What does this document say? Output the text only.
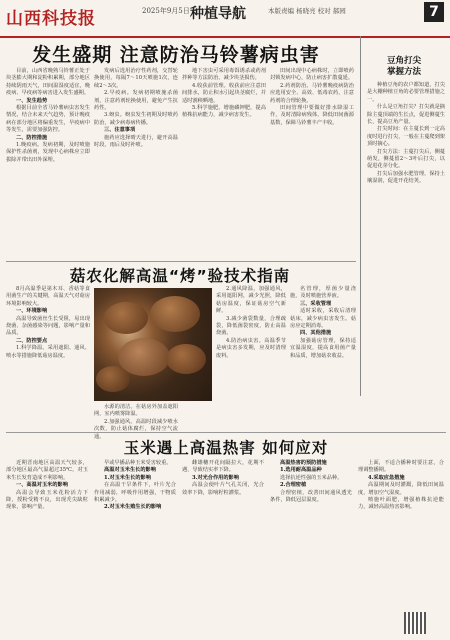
山西科技报	2025年9月5日 种植导航	本版责编 杨晓亮 校对 郝园	7
发生盛期 注意防治马铃薯病虫害

目前，山西省晚熟马铃薯正处于块茎膨大期和淀粉积累期，部分地区持续阴雨天气，田间温湿度适宜，晚疫病、早疫病等病害进入发生盛期。

一、发生趋势

根据目前全省马铃薯病虫害发生情况，结合未来天气趋势，预计晚疫病在部分地区将偏重发生，早疫病中等发生，需要加强防控。

二、防控措施

1.晚疫病。发病初期，及时喷施保护性杀菌剂，发现中心病株应立即拔除并带出田外深埋。

发病后选用治疗性药剂，交替轮换使用，每隔7～10天喷施1次，连续2～3次。

2.早疫病。发病初期喷施杀菌剂，注意药剂轮换使用，避免产生抗药性。

3.蚜虫。蚜虫发生初期及时喷药防治，减少病毒病传播。

三、注意事项

施药应选择晴天进行，避开高温时段，雨后及时补喷。

地下害虫可采用毒饵诱杀或药剂拌种等方法防治，减少块茎损伤。

4.收获前管理。收获前应注意田间排水，防止积水引起块茎腐烂，并适时割秧晒地。

5.科学施肥。增施磷钾肥，提高植株抗病能力，减少病害发生。

田间出现中心病株时，立即喷药封锁发病中心，防止病害扩散蔓延。

2.药剂防治。马铃薯晚疫病防治应选用安全、高效、低毒农药，注意药剂的合理轮换。

田间管理中要做好排水降湿工作，及时清除病残体，降低田间菌源基数，保障马铃薯丰产丰收。

豆角打尖
掌握方法

种植豆角的农户都知道，打尖是大棚种植豆角的必要管理措施之一。

什么是豆角打尖？打尖就是摘除主蔓顶端的生长点，促进侧蔓生长，提高豆角产量。

打尖时间：在主蔓长到一定高度时进行打尖，一般在主蔓爬到架顶时摘心。

打尖方法：主蔓打尖后，侧蔓萌发，侧蔓留2～3叶后打尖，以促进花芽分化。

打尖后加强水肥管理，保持土壤湿润，促进开花结荚。

菇农化解高温“烤”验技术指南

8月高温季是第木耳、香菇等食用菌生产的关键期，高温天气对菇房环境影响较大。

一、环境影响

高温导致菌丝生长受阻，易出现烧菌、杂菌感染等问题，影响产量和品质。

二、防控要点

1.科学降温。采用遮阳、通风、喷水等措施降低菇房温度。

水源的清洁。在菇房外加盖遮阳网，室内喷雾降温。

2.加强通风。高温时段减少喷水次数，防止菇体腐烂，保持空气流通。

2.通风降温，加强通风，采用遮阳网，减少光照，降低菇房温度，保证菇房空气新鲜。

3.减少菌袋数量，合理疏袋，降低菌袋密度，防止高温烧菌。

4.防治病虫害。高温季节是病虫害多发期，应及时清理废料。

名管理，厚菌少量浇施，及时喷施营养液。

三、采收管理

适时采收，采收后清理菇床，减少病虫害发生。菇房应定期消毒。

四、其他措施

加强菇房管理，保持适宜温湿度，提高食用菌产量和品质，增加菇农收益。

玉米遇上高温热害 如何应对

近期晋南地区高温天气较多，部分地区最高气温超过35℃，对玉米生长发育造成不利影响。

一、高温对玉米的影响

高温会导致玉米花粉活力下降，授粉受精不良，出现秃尖缺粒现象，影响产量。

早或早播品种玉米受害较重。

高温对玉米生长的影响

1.对玉米生长的影响

在高温干旱条件下，叶片光合作用减弱，呼吸作用增强，干物质积累减少。

2.对玉米生殖生长的影响

雌雄穗开花间隔拉大，花期不遇，导致结实率下降。

3.对光合作用的影响

高温会使叶片气孔关闭，光合效率下降，影响籽粒灌浆。

高温热害的预防措施

1.选用耐高温品种

选择抗逆性强的玉米品种。

2.合理密植

合理密植，改善田间通风透光条件，降低冠层温度。

上面，不适合播种时要注意，合理调整播期。

4.采取应急措施

高温期间及时灌溉，降低田间温度，增加空气湿度。

喷施叶面肥，增强植株抗逆能力，减轻高温热害影响。
